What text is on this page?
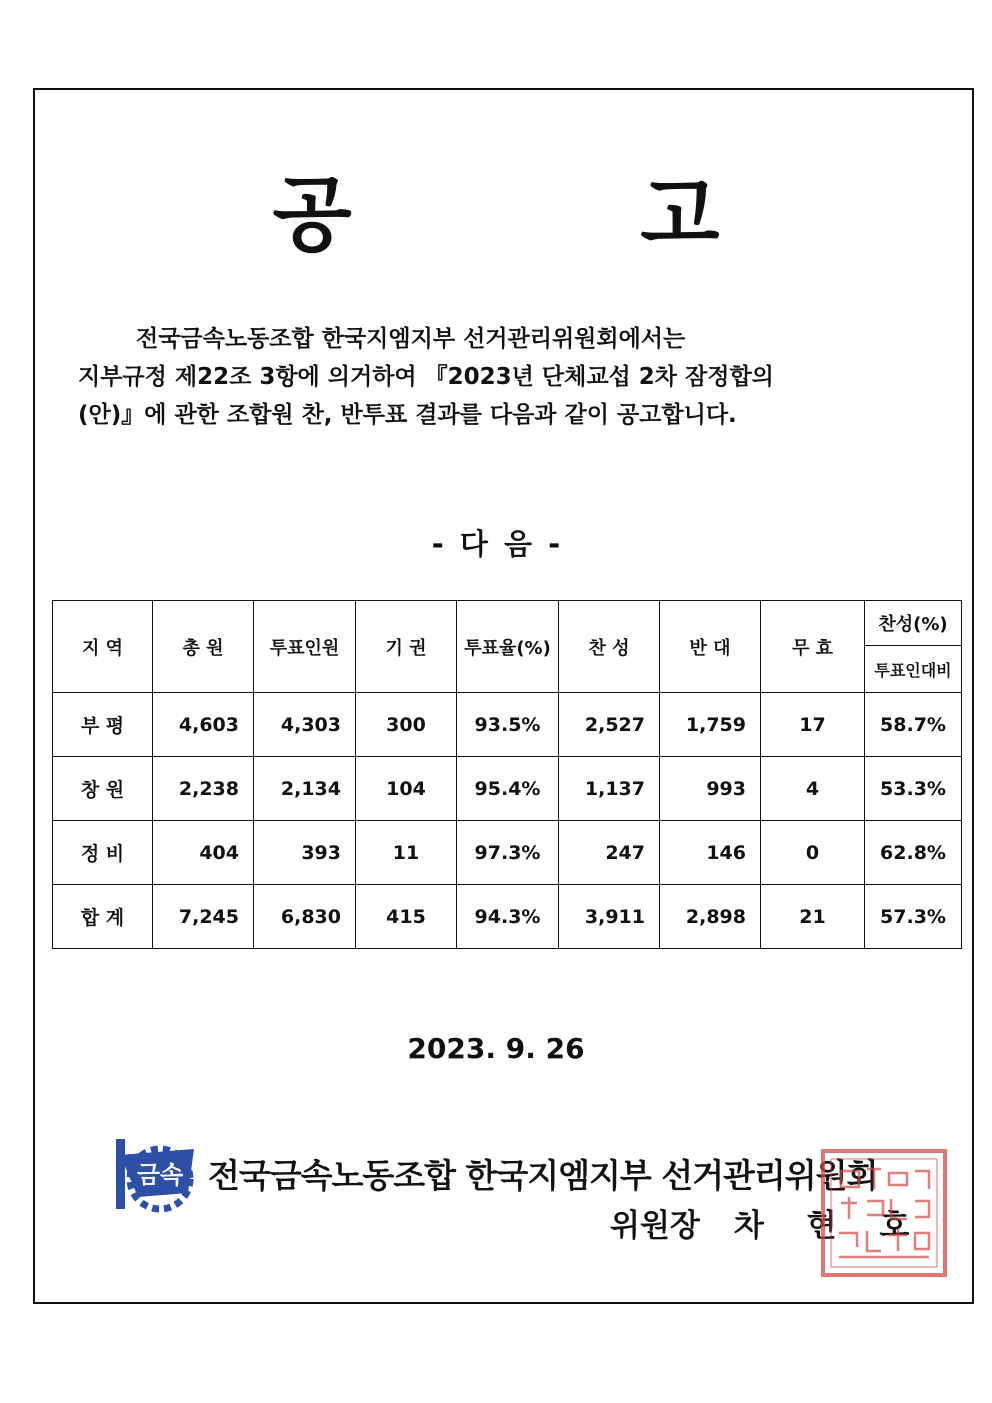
공 고
전국금속노동조합 한국지엠지부 선거관리위원회에서는
지부규정 제22조 3항에 의거하여 『2023년 단체교섭 2차 잠정합의
(안)』에 관한 조합원 찬, 반투표 결과를 다음과 같이 공고합니다.
- 다 음 -
지 역	총 원	투표인원	기 권	투표율(%)	찬 성	반 대	무 효	찬성(%)
								투표인대비
부 평	4,603	4,303	300	93.5%	2,527	1,759	17	58.7%
창 원	2,238	2,134	104	95.4%	1,137	993	4	53.3%
정 비	404	393	11	97.3%	247	146	0	62.8%
합 계	7,245	6,830	415	94.3%	3,911	2,898	21	57.3%
2023. 9. 26
금속 전국금속노동조합 한국지엠지부 선거관리위원회
위원장 차 현 호
